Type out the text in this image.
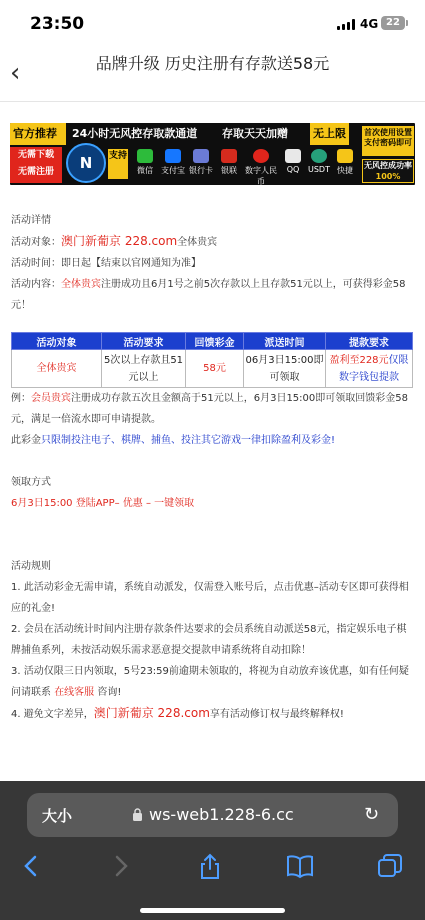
23:50	4G 22
‹	品牌升级 历史注册有存款送58元
官方推荐	24小时无风控存取款通道 存取天天加赠 无上限
无需下载
无需注册	N	支持
微信	支付宝 银行卡	银联	数字人民币
QQ	USDT 快捷
首次使用设置支付密码即可
无风控成功率
100%
活动详情
活动对象：澳门新葡京 228.com全体贵宾
活动时间：即日起【结束以官网通知为准】
活动内容：全体贵宾注册成功且6月1号之前5次存款以上且存款51元以上，可获得彩金58元！
活动对象	活动要求	回馈彩金	派送时间	提款要求
全体贵宾	5次以上存款且51元以上	58元	06月3日15:00即可领取	盈利至228元仅限数字钱包提款
例：会员贵宾注册成功存款五次且金额高于51元以上，6月3日15:00即可领取回馈彩金58元，满足一倍流水即可申请提款。
此彩金只限制投注电子、棋牌、捕鱼、投注其它游戏一律扣除盈利及彩金!
领取方式
6月3日15:00 登陆APP– 优惠 – 一键领取
活动规则
1. 此活动彩金无需申请，系统自动派发，仅需登入账号后，点击优惠–活动专区即可获得相应的礼金!
2. 会员在活动统计时间内注册存款条件达要求的会员系统自动派送58元，指定娱乐电子棋牌捕鱼系列，未按活动娱乐需求恶意提交提款申请系统将自动扣除！
3. 活动仅限三日内领取，5号23:59前逾期未领取的，将视为自动放弃该优惠，如有任何疑问请联系 在线客服 咨询!
4. 避免文字差异，澳门新葡京 228.com享有活动修订权与最终解释权!
大小	ws-web1.228-6.cc	↻
